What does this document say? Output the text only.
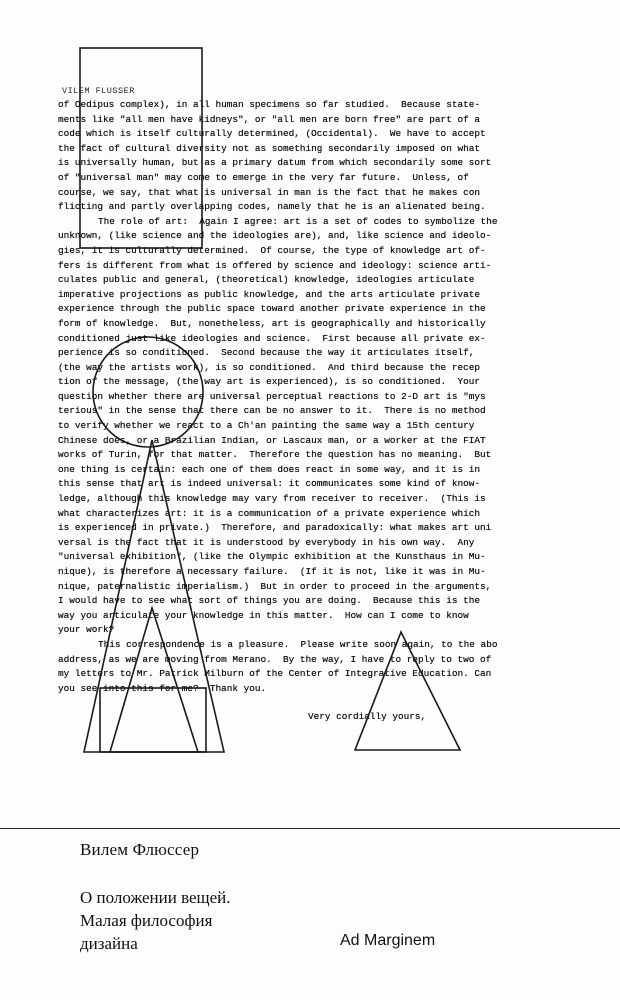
VILEM FLUSSER
of Oedipus complex), in all human specimens so far studied.  Because state-
ments like "all men have kidneys", or "all men are born free" are part of a
code which is itself culturally determined, (Occidental).  We have to accept
the fact of cultural diversity not as something secondarily imposed on what
is universally human, but as a primary datum from which secondarily some sort
of "universal man" may come to emerge in the very far future.  Unless, of
course, we say, that what is universal in man is the fact that he makes con
flicting and partly overlapping codes, namely that he is an alienated being.
The role of art:  Again I agree: art is a set of codes to symbolize the
unknown, (like science and the ideologies are), and, like science and ideolo-
gies, it is culturally determined.  Of course, the type of knowledge art of-
fers is different from what is offered by science and ideology: science arti-
culates public and general, (theoretical) knowledge, ideologies articulate
imperative projections as public knowledge, and the arts articulate private
experience through the public space toward another private experience in the
form of knowledge.  But, nonetheless, art is geographically and historically
conditioned just like ideologies and science.  First because all private ex-
perience is so conditioned.  Second because the way it articulates itself,
(the way the artists work), is so conditioned.  And third because the recep
tion of the message, (the way art is experienced), is so conditioned.  Your
question whether there are universal perceptual reactions to 2-D art is "mys
terious" in the sense that there can be no answer to it.  There is no method
to verify whether we react to a Ch'an painting the same way a 15th century
Chinese does, or a Brazilian Indian, or Lascaux man, or a worker at the FIAT
works of Turin, for that matter.  Therefore the question has no meaning.  But
one thing is certain: each one of them does react in some way, and it is in
this sense that art is indeed universal: it communicates some kind of know-
ledge, although this knowledge may vary from receiver to receiver.  (This is
what characterizes art: it is a communication of a private experience which
is experienced in private.)  Therefore, and paradoxically: what makes art uni
versal is the fact that it is understood by everybody in his own way.  Any
"universal exhibition", (like the Olympic exhibition at the Kunsthaus in Mu-
nique), is therefore a necessary failure.  (If it is not, like it was in Mu-
nique, paternalistic imperialism.)  But in order to proceed in the arguments,
I would have to see what sort of things you are doing.  Because this is the
way you articulate your knowledge in this matter.  How can I come to know
your work?
This correspondence is a pleasure.  Please write soon again, to the abo
address, as we are moving from Merano.  By the way, I have to reply to two of
my letters to Mr. Patrick Milburn of the Center of Integrative Education. Can
you see into this for me?  Thank you.
Very cordially yours,
Вилем Флюссер
О положении вещей.
Малая философия
дизайна	Ad Marginem
